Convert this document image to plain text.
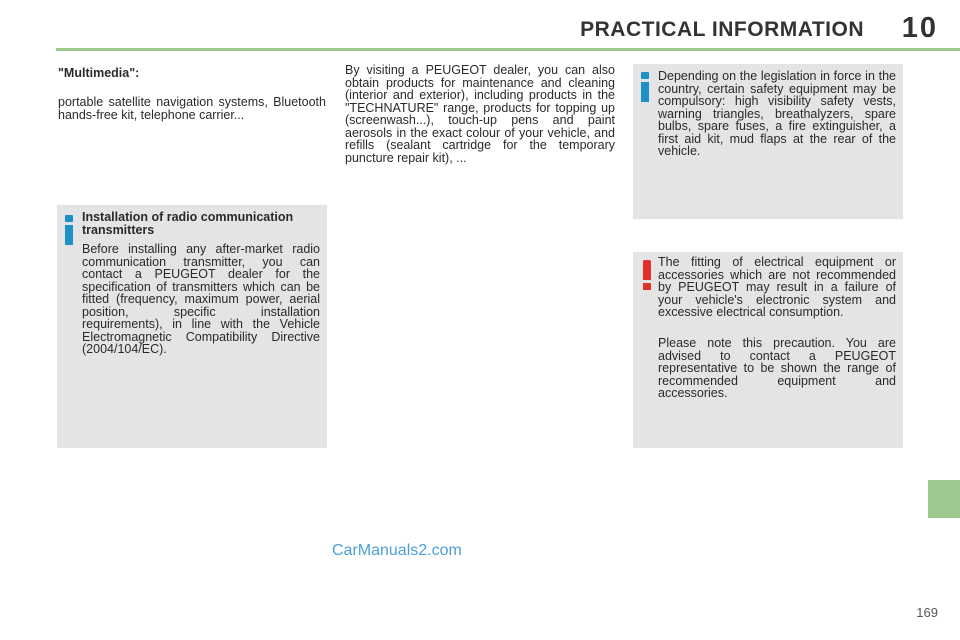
PRACTICAL INFORMATION 10
"Multimedia":
portable satellite navigation systems, Bluetooth hands-free kit, telephone carrier...
By visiting a PEUGEOT dealer, you can also obtain products for maintenance and cleaning (interior and exterior), including products in the "TECHNATURE" range, products for topping up (screenwash...), touch-up pens and paint aerosols in the exact colour of your vehicle, and refills (sealant cartridge for the temporary puncture repair kit), ...
Installation of radio communication transmitters
Before installing any after-market radio communication transmitter, you can contact a PEUGEOT dealer for the specification of transmitters which can be fitted (frequency, maximum power, aerial position, specific installation requirements), in line with the Vehicle Electromagnetic Compatibility Directive (2004/104/EC).
Depending on the legislation in force in the country, certain safety equipment may be compulsory: high visibility safety vests, warning triangles, breathalyzers, spare bulbs, spare fuses, a fire extinguisher, a first aid kit, mud flaps at the rear of the vehicle.
The fitting of electrical equipment or accessories which are not recommended by PEUGEOT may result in a failure of your vehicle's electronic system and excessive electrical consumption.
Please note this precaution. You are advised to contact a PEUGEOT representative to be shown the range of recommended equipment and accessories.
CarManuals2.com
169
